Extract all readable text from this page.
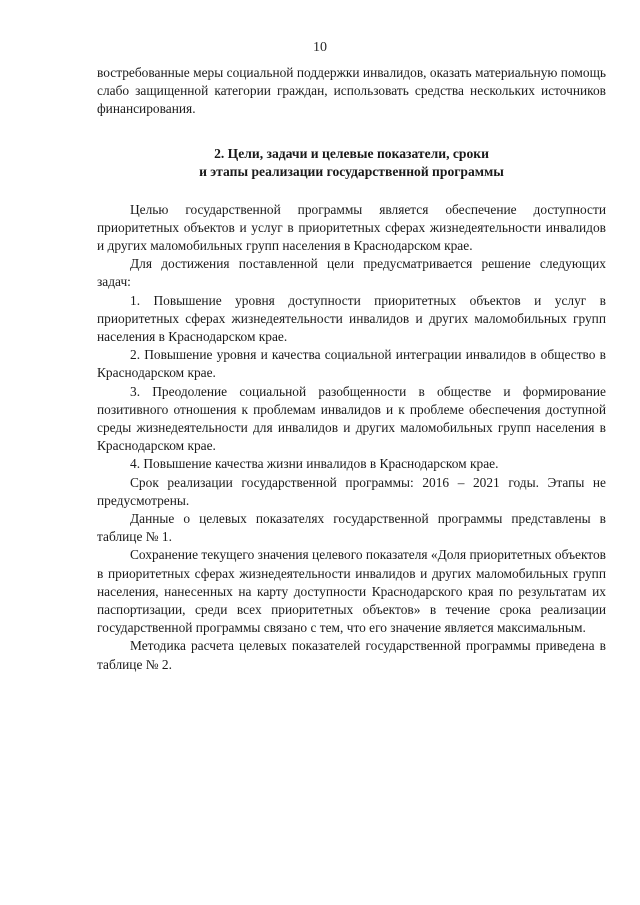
10

востребованные меры социальной поддержки инвалидов, оказать материальную помощь слабо защищенной категории граждан, использовать средства нескольких источников финансирования.

2. Цели, задачи и целевые показатели, сроки
и этапы реализации государственной программы

Целью государственной программы является обеспечение доступности приоритетных объектов и услуг в приоритетных сферах жизнедеятельности инвалидов и других маломобильных групп населения в Краснодарском крае.

Для достижения поставленной цели предусматривается решение следующих задач:

1. Повышение уровня доступности приоритетных объектов и услуг в приоритетных сферах жизнедеятельности инвалидов и других маломобильных групп населения в Краснодарском крае.

2. Повышение уровня и качества социальной интеграции инвалидов в общество в Краснодарском крае.

3. Преодоление социальной разобщенности в обществе и формирование позитивного отношения к проблемам инвалидов и к проблеме обеспечения доступной среды жизнедеятельности для инвалидов и других маломобильных групп населения в Краснодарском крае.

4. Повышение качества жизни инвалидов в Краснодарском крае.

Срок реализации государственной программы: 2016 – 2021 годы. Этапы не предусмотрены.

Данные о целевых показателях государственной программы представлены в таблице № 1.

Сохранение текущего значения целевого показателя «Доля приоритетных объектов в приоритетных сферах жизнедеятельности инвалидов и других маломобильных групп населения, нанесенных на карту доступности Краснодарского края по результатам их паспортизации, среди всех приоритетных объектов» в течение срока реализации государственной программы связано с тем, что его значение является максимальным.

Методика расчета целевых показателей государственной программы приведена в таблице № 2.
